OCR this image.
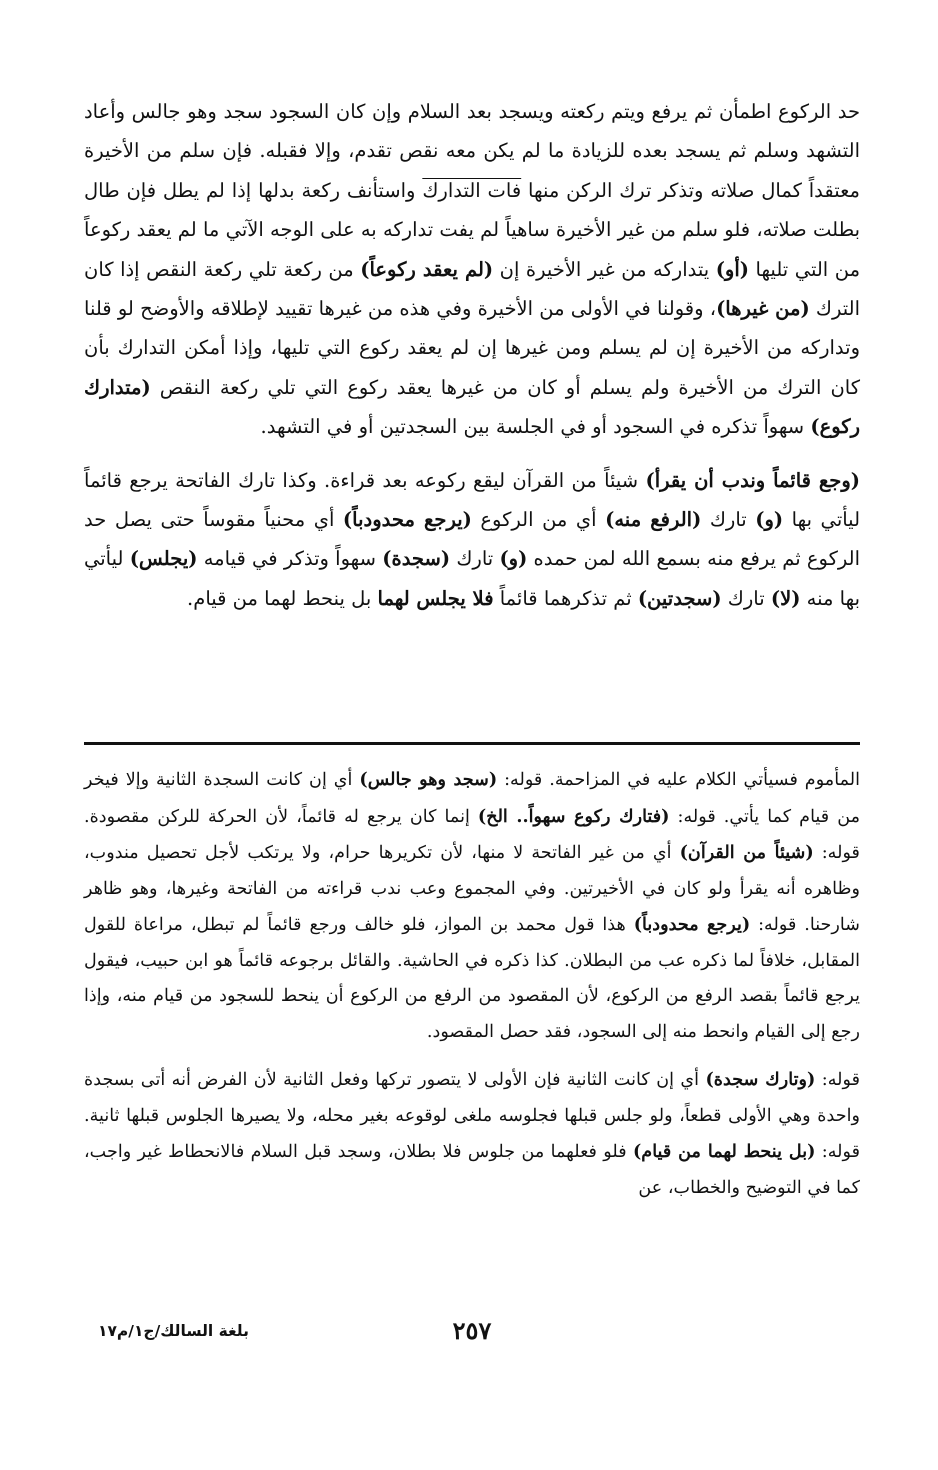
حد الركوع اطمأن ثم يرفع ويتم ركعته ويسجد بعد السلام وإن كان السجود سجد وهو جالس وأعاد التشهد وسلم ثم يسجد بعده للزيادة ما لم يكن معه نقص تقدم، وإلا فقبله. فإن سلم من الأخيرة معتقداً كمال صلاته وتذكر ترك الركن منها فات التدارك واستأنف ركعة بدلها إذا لم يطل فإن طال بطلت صلاته، فلو سلم من غير الأخيرة ساهياً لم يفت تداركه به على الوجه الآتي ما لم يعقد ركوعاً من التي تليها (أو) يتداركه من غير الأخيرة إن (لم يعقد ركوعاً) من ركعة تلي ركعة النقص إذا كان الترك (من غيرها)، وقولنا في الأولى من الأخيرة وفي هذه من غيرها تقييد لإطلاقه والأوضح لو قلنا وتداركه من الأخيرة إن لم يسلم ومن غيرها إن لم يعقد ركوع التي تليها، وإذا أمكن التدارك بأن كان الترك من الأخيرة ولم يسلم أو كان من غيرها يعقد ركوع التي تلي ركعة النقص (متدارك ركوع) سهواً تذكره في السجود أو في الجلسة بين السجدتين أو في التشهد.

(وجع قائماً وندب أن يقرأ) شيئاً من القرآن ليقع ركوعه بعد قراءة. وكذا تارك الفاتحة يرجع قائماً ليأتي بها (و) تارك (الرفع منه) أي من الركوع (يرجع محدودباً) أي محنياً مقوساً حتى يصل حد الركوع ثم يرفع منه بسمع الله لمن حمده (و) تارك (سجدة) سهواً وتذكر في قيامه (يجلس) ليأتي بها منه (لا) تارك (سجدتين) ثم تذكرهما قائماً فلا يجلس لهما بل ينحط لهما من قيام.

المأموم فسيأتي الكلام عليه في المزاحمة. قوله: (سجد وهو جالس) أي إن كانت السجدة الثانية وإلا فيخر من قيام كما يأتي. قوله: (فتارك ركوع سهواً.. الخ) إنما كان يرجع له قائماً، لأن الحركة للركن مقصودة. قوله: (شيئاً من القرآن) أي من غير الفاتحة لا منها، لأن تكريرها حرام، ولا يرتكب لأجل تحصيل مندوب، وظاهره أنه يقرأ ولو كان في الأخيرتين. وفي المجموع وعب ندب قراءته من الفاتحة وغيرها، وهو ظاهر شارحنا. قوله: (يرجع محدودباً) هذا قول محمد بن المواز، فلو خالف ورجع قائماً لم تبطل، مراعاة للقول المقابل، خلافاً لما ذكره عب من البطلان. كذا ذكره في الحاشية. والقائل برجوعه قائماً هو ابن حبيب، فيقول يرجع قائماً بقصد الرفع من الركوع، لأن المقصود من الرفع من الركوع أن ينحط للسجود من قيام منه، وإذا رجع إلى القيام وانحط منه إلى السجود، فقد حصل المقصود.

قوله: (وتارك سجدة) أي إن كانت الثانية فإن الأولى لا يتصور تركها وفعل الثانية لأن الفرض أنه أتى بسجدة واحدة وهي الأولى قطعاً، ولو جلس قبلها فجلوسه ملغى لوقوعه بغير محله، ولا يصيرها الجلوس قبلها ثانية. قوله: (بل ينحط لهما من قيام) فلو فعلهما من جلوس فلا بطلان، وسجد قبل السلام فالانحطاط غير واجب، كما في التوضيح والخطاب، عن

٢٥٧
بلغة السالك/ج١/م١٧
